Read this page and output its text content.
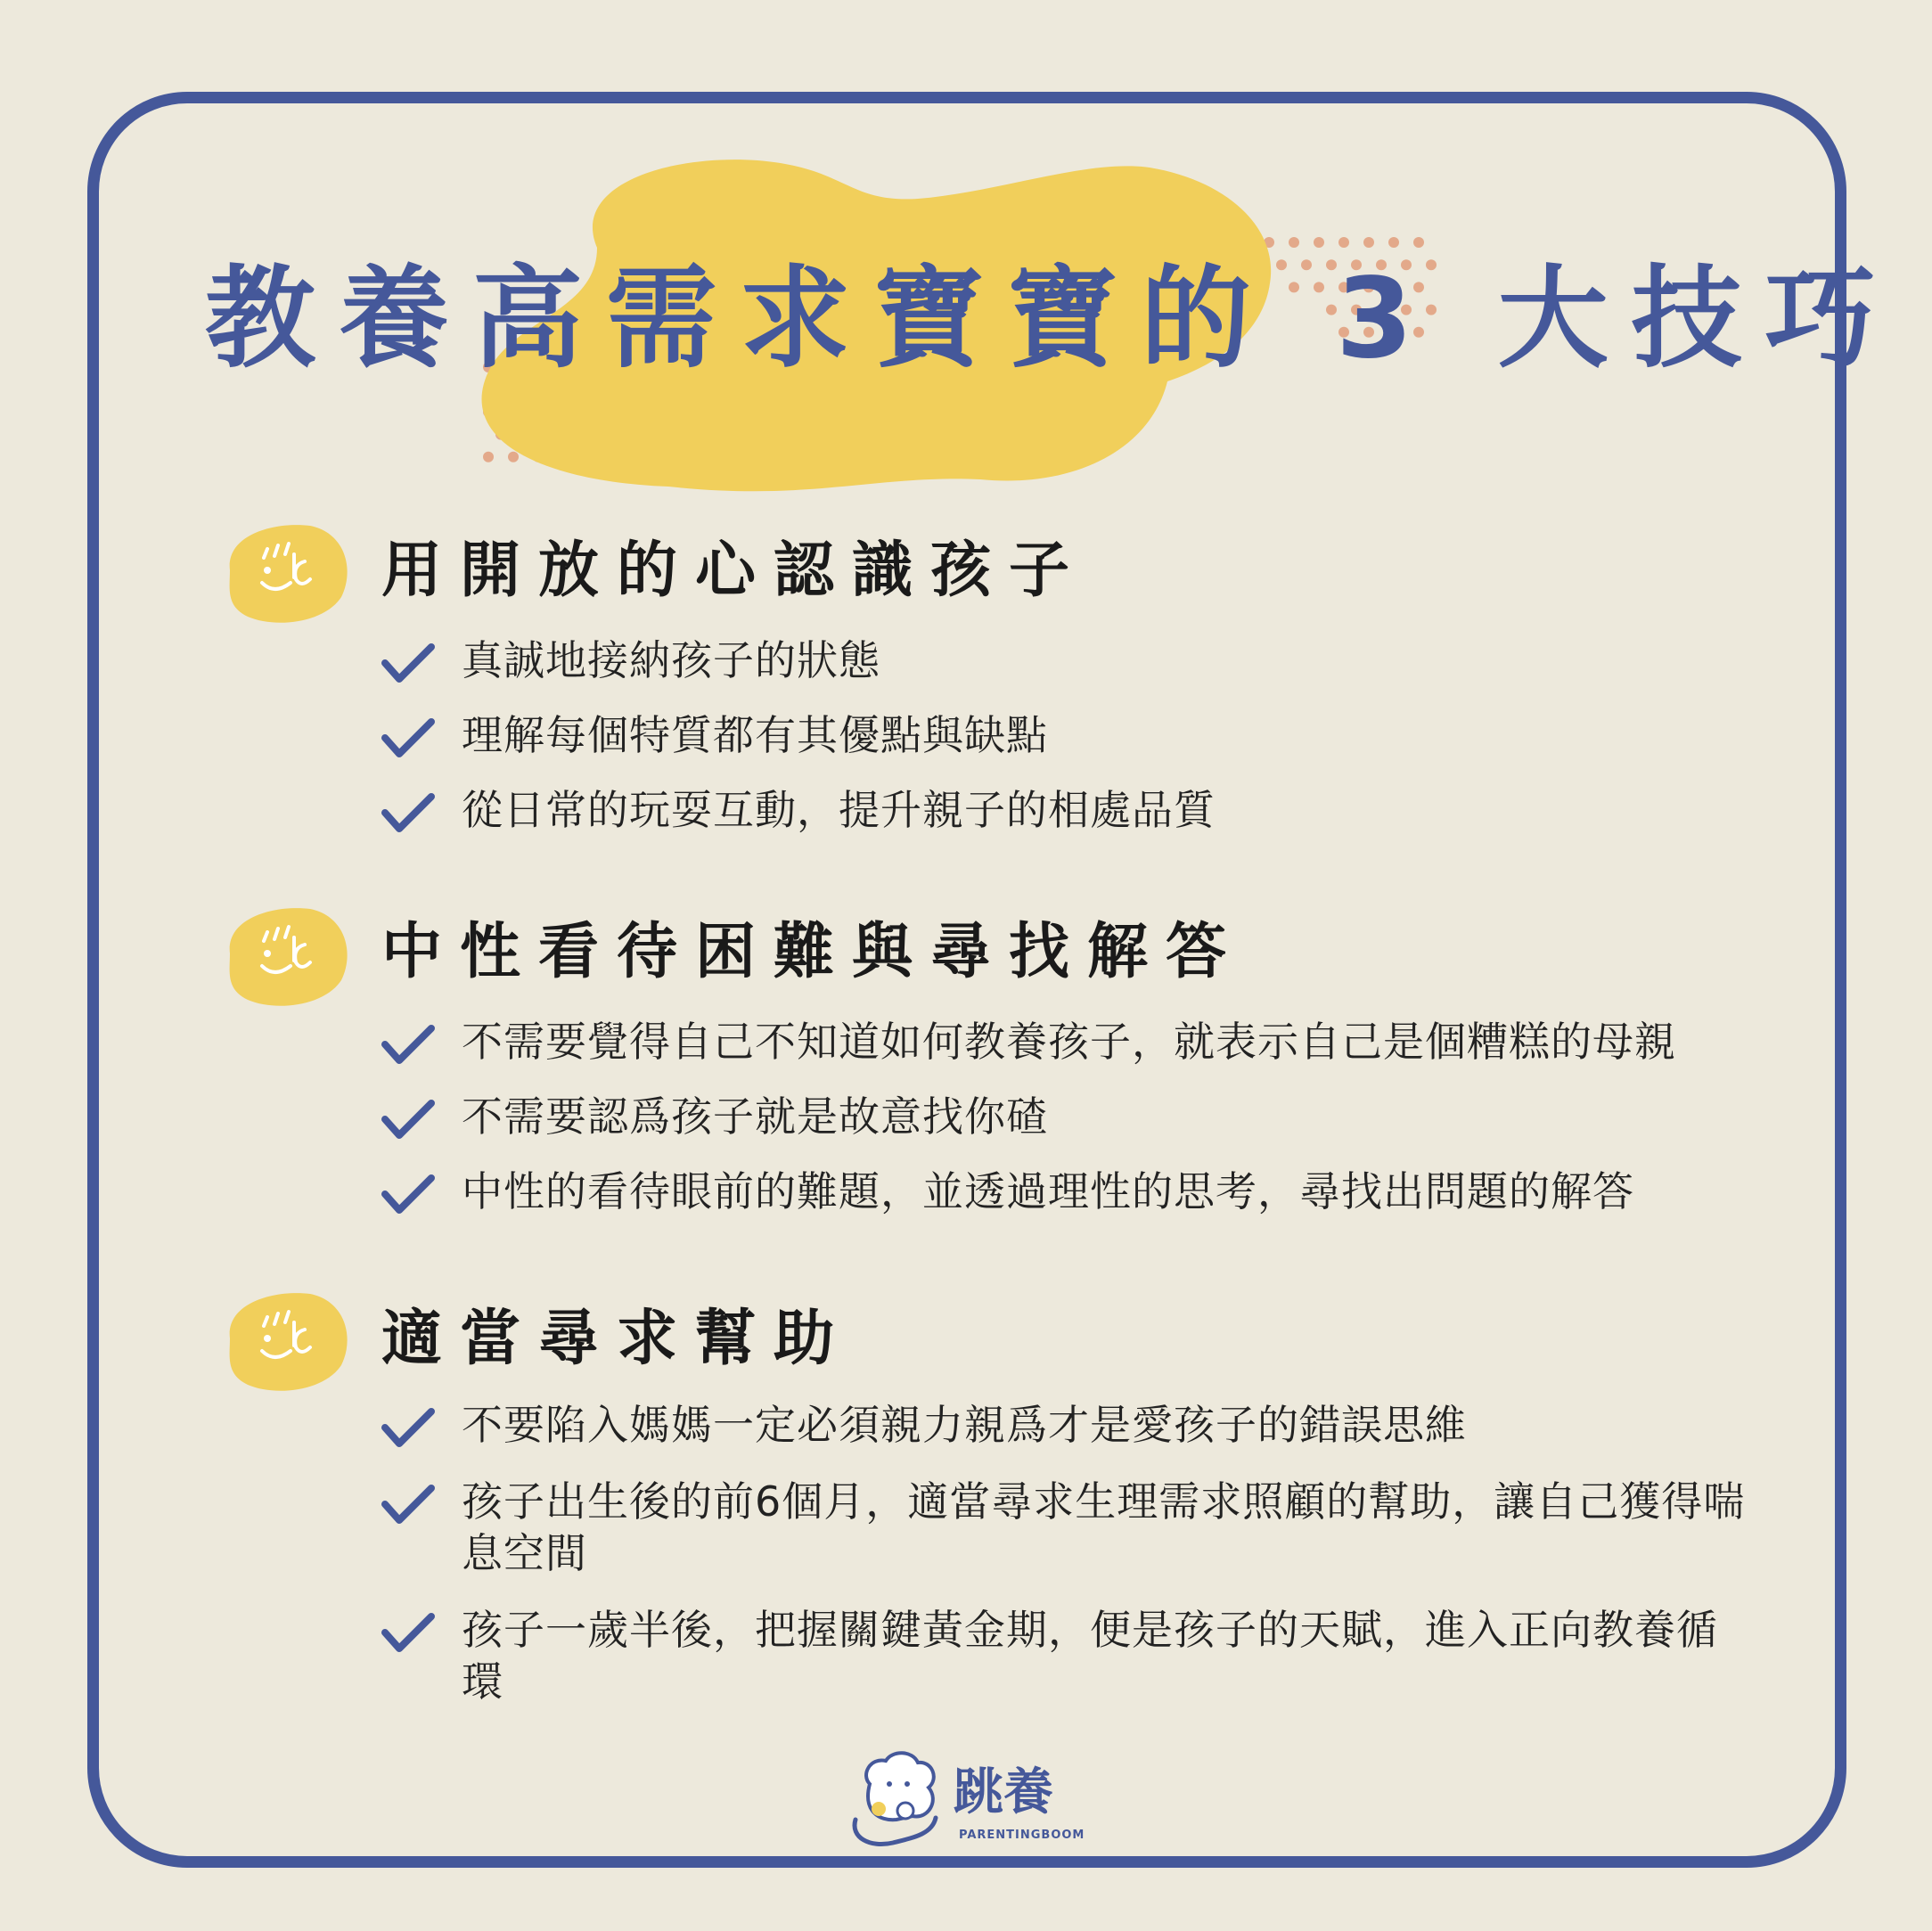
教養高需求寶寶的 3 大技巧
用開放的心認識孩子
真誠地接納孩子的狀態
理解每個特質都有其優點與缺點
從日常的玩耍互動，提升親子的相處品質
中性看待困難與尋找解答
不需要覺得自己不知道如何教養孩子，就表示自己是個糟糕的母親
不需要認爲孩子就是故意找你碴
中性的看待眼前的難題，並透過理性的思考，尋找出問題的解答
適當尋求幫助
不要陷入媽媽一定必須親力親爲才是愛孩子的錯誤思維
孩子出生後的前6個月，適當尋求生理需求照顧的幫助，讓自己獲得喘息空間
孩子一歲半後，把握關鍵黃金期，便是孩子的天賦，進入正向教養循環
跳養
PARENTINGBOOM
